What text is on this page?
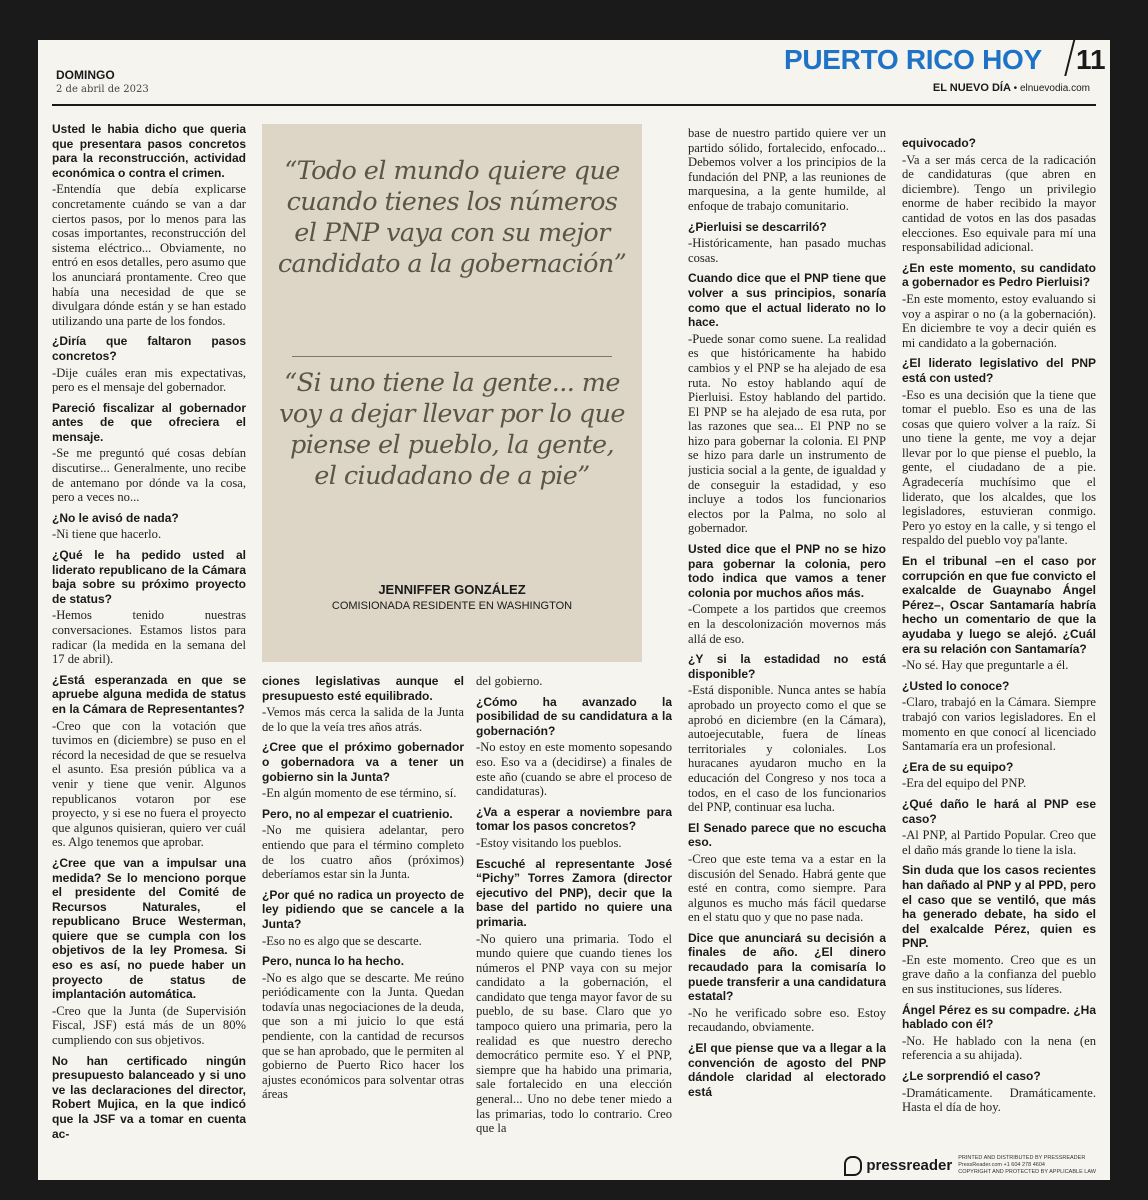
DOMINGO
2 de abril de 2023
PUERTO RICO HOY 11
EL NUEVO DÍA • elnuevodia.com

Usted le habia dicho que queria que presentara pasos concretos para la reconstrucción, actividad económica o contra el crimen.

-Entendía que debía explicarse concretamente cuándo se van a dar ciertos pasos, por lo menos para las cosas importantes, reconstrucción del sistema eléctrico... Obviamente, no entró en esos detalles, pero asumo que los anunciará prontamente. Creo que había una necesidad de que se divulgara dónde están y se han estado utilizando una parte de los fondos.

¿Diría que faltaron pasos concretos?

-Dije cuáles eran mis expectativas, pero es el mensaje del gobernador.

Pareció fiscalizar al gobernador antes de que ofreciera el mensaje.

-Se me preguntó qué cosas debían discutirse... Generalmente, uno recibe de antemano por dónde va la cosa, pero a veces no...

¿No le avisó de nada?

-Ni tiene que hacerlo.

¿Qué le ha pedido usted al liderato republicano de la Cámara baja sobre su próximo proyecto de status?

-Hemos tenido nuestras conversaciones. Estamos listos para radicar (la medida en la semana del 17 de abril).

¿Está esperanzada en que se apruebe alguna medida de status en la Cámara de Representantes?

-Creo que con la votación que tuvimos en (diciembre) se puso en el récord la necesidad de que se resuelva el asunto. Esa presión pública va a venir y tiene que venir. Algunos republicanos votaron por ese proyecto, y si ese no fuera el proyecto que algunos quisieran, quiero ver cuál es. Algo tenemos que aprobar.

¿Cree que van a impulsar una medida? Se lo menciono porque el presidente del Comité de Recursos Naturales, el republicano Bruce Westerman, quiere que se cumpla con los objetivos de la ley Promesa. Si eso es así, no puede haber un proyecto de status de implantación automática.

-Creo que la Junta (de Supervisión Fiscal, JSF) está más de un 80% cumpliendo con sus objetivos.

No han certificado ningún presupuesto balanceado y si uno ve las declaraciones del director, Robert Mujica, en la que indicó que la JSF va a tomar en cuenta ac-

ciones legislativas aunque el presupuesto esté equilibrado.

-Vemos más cerca la salida de la Junta de lo que la veía tres años atrás.

¿Cree que el próximo gobernador o gobernadora va a tener un gobierno sin la Junta?

-En algún momento de ese término, sí.

Pero, no al empezar el cuatrienio.

-No me quisiera adelantar, pero entiendo que para el término completo de los cuatro años (próximos) deberíamos estar sin la Junta.

¿Por qué no radica un proyecto de ley pidiendo que se cancele a la Junta?

-Eso no es algo que se descarte.

Pero, nunca lo ha hecho.

-No es algo que se descarte. Me reúno periódicamente con la Junta. Quedan todavía unas negociaciones de la deuda, que son a mi juicio lo que está pendiente, con la cantidad de recursos que se han aprobado, que le permiten al gobierno de Puerto Rico hacer los ajustes económicos para solventar otras áreas

del gobierno.

¿Cómo ha avanzado la posibilidad de su candidatura a la gobernación?

-No estoy en este momento sopesando eso. Eso va a (decidirse) a finales de este año (cuando se abre el proceso de candidaturas).

¿Va a esperar a noviembre para tomar los pasos concretos?

-Estoy visitando los pueblos.

Escuché al representante José “Pichy” Torres Zamora (director ejecutivo del PNP), decir que la base del partido no quiere una primaria.

-No quiero una primaria. Todo el mundo quiere que cuando tienes los números el PNP vaya con su mejor candidato a la gobernación, el candidato que tenga mayor favor de su pueblo, de su base. Claro que yo tampoco quiero una primaria, pero la realidad es que nuestro derecho democrático permite eso. Y el PNP, siempre que ha habido una primaria, sale fortalecido en una elección general... Uno no debe tener miedo a las primarias, todo lo contrario. Creo que la

base de nuestro partido quiere ver un partido sólido, fortalecido, enfocado... Debemos volver a los principios de la fundación del PNP, a las reuniones de marquesina, a la gente humilde, al enfoque de trabajo comunitario.

¿Pierluisi se descarriló?

-Históricamente, han pasado muchas cosas.

Cuando dice que el PNP tiene que volver a sus principios, sonaría como que el actual liderato no lo hace.

-Puede sonar como suene. La realidad es que históricamente ha habido cambios y el PNP se ha alejado de esa ruta. No estoy hablando aquí de Pierluisi. Estoy hablando del partido. El PNP se ha alejado de esa ruta, por las razones que sea... El PNP no se hizo para gobernar la colonia. El PNP se hizo para darle un instrumento de justicia social a la gente, de igualdad y de conseguir la estadidad, y eso incluye a todos los funcionarios electos por la Palma, no solo al gobernador.

Usted dice que el PNP no se hizo para gobernar la colonia, pero todo indica que vamos a tener colonia por muchos años más.

-Compete a los partidos que creemos en la descolonización movernos más allá de eso.

¿Y si la estadidad no está disponible?

-Está disponible. Nunca antes se había aprobado un proyecto como el que se aprobó en diciembre (en la Cámara), autoejecutable, fuera de líneas territoriales y coloniales. Los huracanes ayudaron mucho en la educación del Congreso y nos toca a todos, en el caso de los funcionarios del PNP, continuar esa lucha.

El Senado parece que no escucha eso.

-Creo que este tema va a estar en la discusión del Senado. Habrá gente que esté en contra, como siempre. Para algunos es mucho más fácil quedarse en el statu quo y que no pase nada.

Dice que anunciará su decisión a finales de año. ¿El dinero recaudado para la comisaría lo puede transferir a una candidatura estatal?

-No he verificado sobre eso. Estoy recaudando, obviamente.

¿El que piense que va a llegar a la convención de agosto del PNP dándole claridad al electorado está

equivocado?

-Va a ser más cerca de la radicación de candidaturas (que abren en diciembre). Tengo un privilegio enorme de haber recibido la mayor cantidad de votos en las dos pasadas elecciones. Eso equivale para mí una responsabilidad adicional.

¿En este momento, su candidato a gobernador es Pedro Pierluisi?

-En este momento, estoy evaluando si voy a aspirar o no (a la gobernación). En diciembre te voy a decir quién es mi candidato a la gobernación.

¿El liderato legislativo del PNP está con usted?

-Eso es una decisión que la tiene que tomar el pueblo. Eso es una de las cosas que quiero volver a la raíz. Si uno tiene la gente, me voy a dejar llevar por lo que piense el pueblo, la gente, el ciudadano de a pie. Agradecería muchísimo que el liderato, que los alcaldes, que los legisladores, estuvieran conmigo. Pero yo estoy en la calle, y si tengo el respaldo del pueblo voy pa'lante.

En el tribunal –en el caso por corrupción en que fue convicto el exalcalde de Guaynabo Ángel Pérez–, Oscar Santamaría habría hecho un comentario de que la ayudaba y luego se alejó. ¿Cuál era su relación con Santamaría?

-No sé. Hay que preguntarle a él.

¿Usted lo conoce?

-Claro, trabajó en la Cámara. Siempre trabajó con varios legisladores. En el momento en que conocí al licenciado Santamaría era un profesional.

¿Era de su equipo?

-Era del equipo del PNP.

¿Qué daño le hará al PNP ese caso?

-Al PNP, al Partido Popular. Creo que el daño más grande lo tiene la isla.

Sin duda que los casos recientes han dañado al PNP y al PPD, pero el caso que se ventiló, que más ha generado debate, ha sido el del exalcalde Pérez, quien es PNP.

-En este momento. Creo que es un grave daño a la confianza del pueblo en sus instituciones, sus líderes.

Ángel Pérez es su compadre. ¿Ha hablado con él?

-No. He hablado con la nena (en referencia a su ahijada).

¿Le sorprendió el caso?

-Dramáticamente. Dramáticamente. Hasta el día de hoy.

“Todo el mundo quiere que cuando tienes los números el PNP vaya con su mejor candidato a la gobernación”
“Si uno tiene la gente... me voy a dejar llevar por lo que piense el pueblo, la gente, el ciudadano de a pie”
JENNIFFER GONZÁLEZ
COMISIONADA RESIDENTE EN WASHINGTON
pressreader PRINTED AND DISTRIBUTED BY PRESSREADER
PressReader.com +1 604 278 4604
COPYRIGHT AND PROTECTED BY APPLICABLE LAW
